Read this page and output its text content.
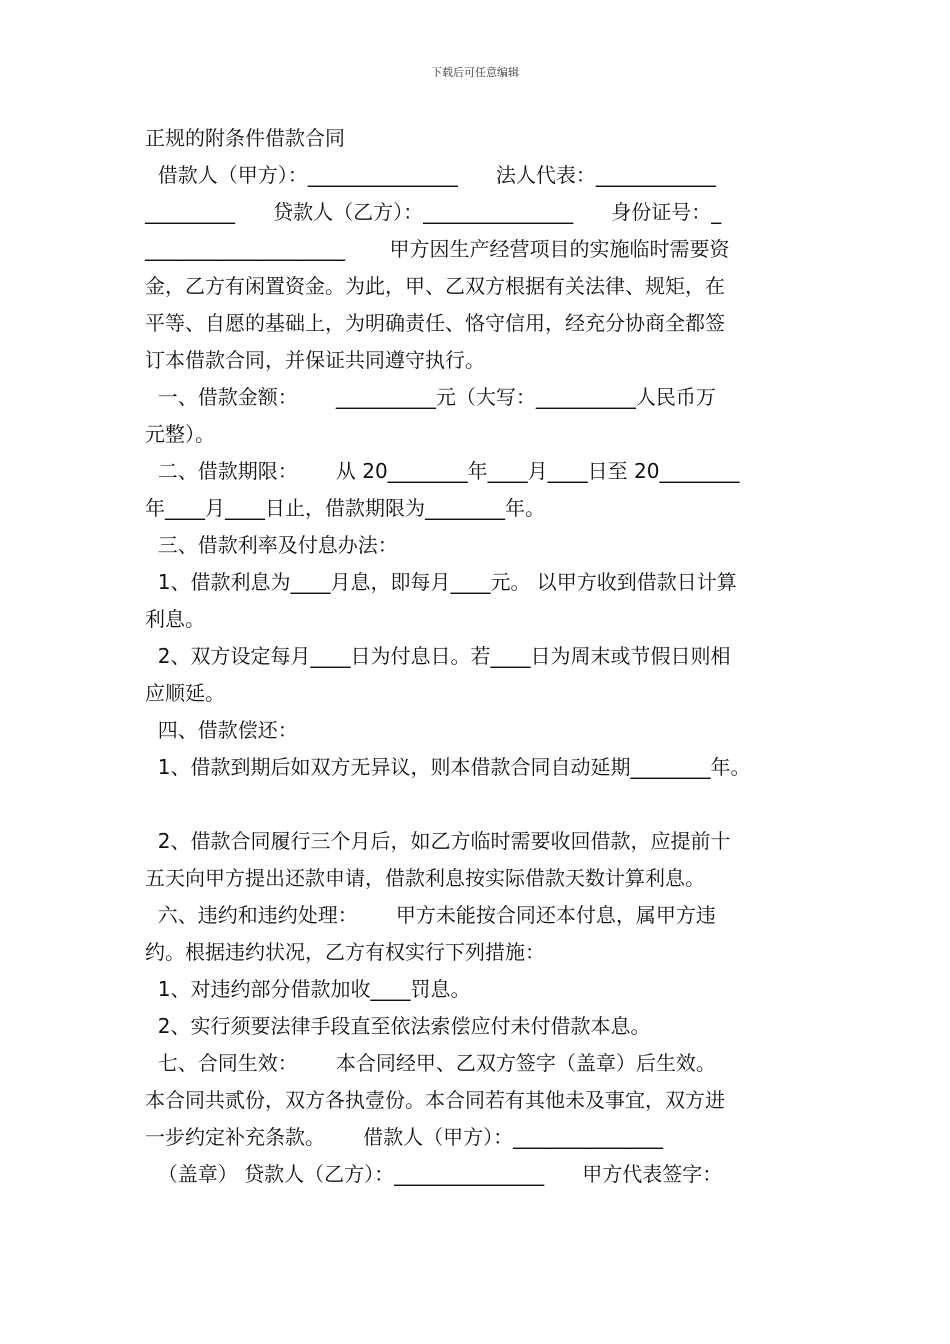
下载后可任意编辑
正规的附条件借款合同
借款人（甲方）：_______________      法人代表：____________
_________      贷款人（乙方）：_______________      身份证号：_
____________________       甲方因生产经营项目的实施临时需要资
金，乙方有闲置资金。为此，甲、乙双方根据有关法律、规矩，在
平等、自愿的基础上，为明确责任、恪守信用，经充分协商全都签
订本借款合同，并保证共同遵守执行。
一、借款金额：      __________元（大写：__________人民币万
元整）。
二、借款期限：      从 20________年____月____日至 20________
年____月____日止，借款期限为________年。
三、借款利率及付息办法：
1、借款利息为____月息，即每月____元。 以甲方收到借款日计算
利息。
2、双方设定每月____日为付息日。若____日为周末或节假日则相
应顺延。
四、借款偿还：
1、借款到期后如双方无异议，则本借款合同自动延期________年。
2、借款合同履行三个月后，如乙方临时需要收回借款，应提前十
五天向甲方提出还款申请，借款利息按实际借款天数计算利息。
六、违约和违约处理：      甲方未能按合同还本付息，属甲方违
约。根据违约状况，乙方有权实行下列措施：
1、对违约部分借款加收____罚息。
2、实行须要法律手段直至依法索偿应付未付借款本息。
七、合同生效：      本合同经甲、乙双方签字（盖章）后生效。
本合同共贰份，双方各执壹份。本合同若有其他未及事宜，双方进
一步约定补充条款。      借款人（甲方）：_______________
（盖章） 贷款人（乙方）：_______________      甲方代表签字：
